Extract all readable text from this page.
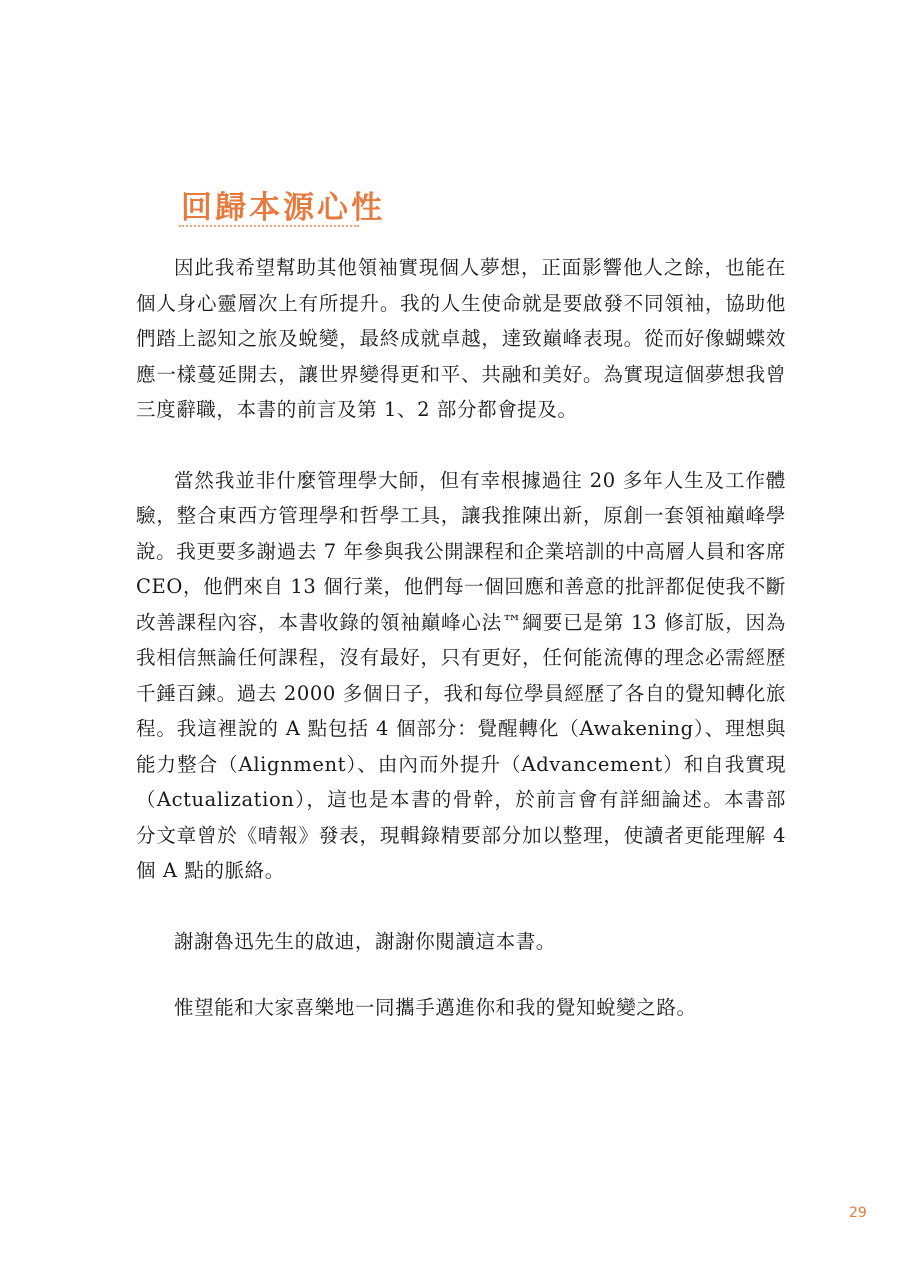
回歸本源心性

因此我希望幫助其他領袖實現個人夢想，正面影響他人之餘，也能在個人身心靈層次上有所提升。我的人生使命就是要啟發不同領袖，協助他們踏上認知之旅及蛻變，最終成就卓越，達致巔峰表現。從而好像蝴蝶效應一樣蔓延開去，讓世界變得更和平、共融和美好。為實現這個夢想我曾三度辭職，本書的前言及第 1、2 部分都會提及。

當然我並非什麼管理學大師，但有幸根據過往 20 多年人生及工作體驗，整合東西方管理學和哲學工具，讓我推陳出新，原創一套領袖巔峰學說。我更要多謝過去 7 年參與我公開課程和企業培訓的中高層人員和客席 CEO，他們來自 13 個行業，他們每一個回應和善意的批評都促使我不斷改善課程內容，本書收錄的領袖巔峰心法™綱要已是第 13 修訂版，因為我相信無論任何課程，沒有最好，只有更好，任何能流傳的理念必需經歷千錘百鍊。過去 2000 多個日子，我和每位學員經歷了各自的覺知轉化旅程。我這裡說的 A 點包括 4 個部分：覺醒轉化（Awakening）、理想與能力整合（Alignment）、由內而外提升（Advancement）和自我實現（Actualization），這也是本書的骨幹，於前言會有詳細論述。本書部分文章曾於《晴報》發表，現輯錄精要部分加以整理，使讀者更能理解 4 個 A 點的脈絡。

謝謝魯迅先生的啟迪，謝謝你閱讀這本書。

惟望能和大家喜樂地一同攜手邁進你和我的覺知蛻變之路。

29
